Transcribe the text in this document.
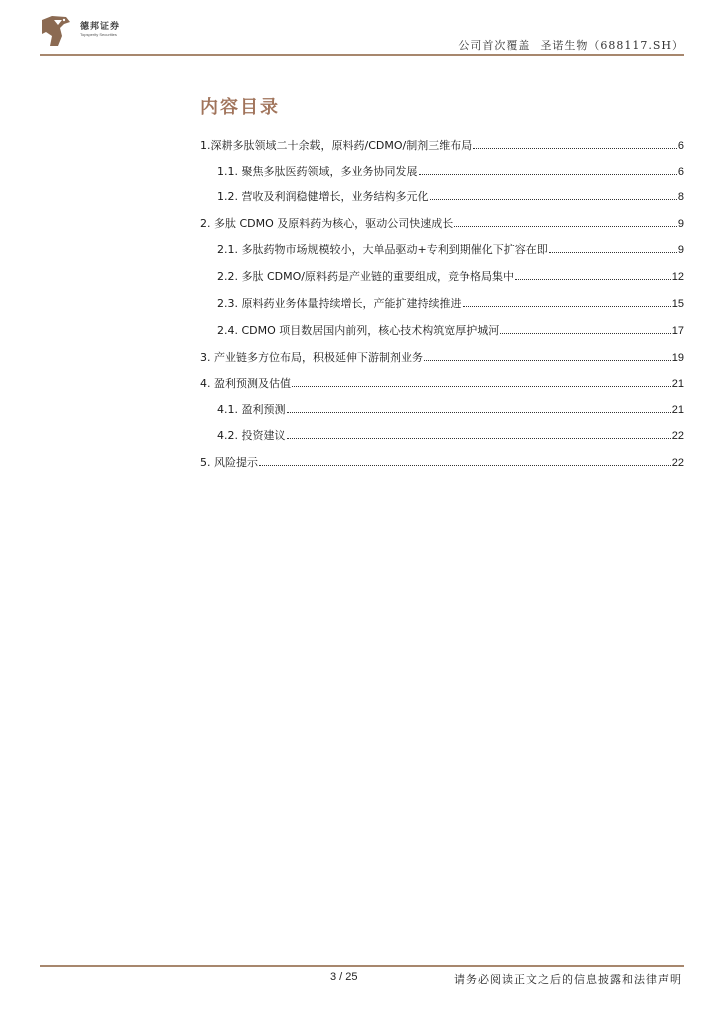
德邦证券
Topsperity Securities
公司首次覆盖 圣诺生物（688117.SH）
内容目录
1.深耕多肽领域二十余载，原料药/CDMO/制剂三维布局	6
1.1. 聚焦多肽医药领域，多业务协同发展	6
1.2. 营收及利润稳健增长，业务结构多元化	8
2. 多肽 CDMO 及原料药为核心，驱动公司快速成长	9
2.1. 多肽药物市场规模较小，大单品驱动+专利到期催化下扩容在即	9
2.2. 多肽 CDMO/原料药是产业链的重要组成，竞争格局集中	12
2.3. 原料药业务体量持续增长，产能扩建持续推进	15
2.4. CDMO 项目数居国内前列，核心技术构筑宽厚护城河	17
3. 产业链多方位布局，积极延伸下游制剂业务	19
4. 盈利预测及估值	21
4.1. 盈利预测	21
4.2. 投资建议	22
5. 风险提示	22
3 / 25	请务必阅读正文之后的信息披露和法律声明
